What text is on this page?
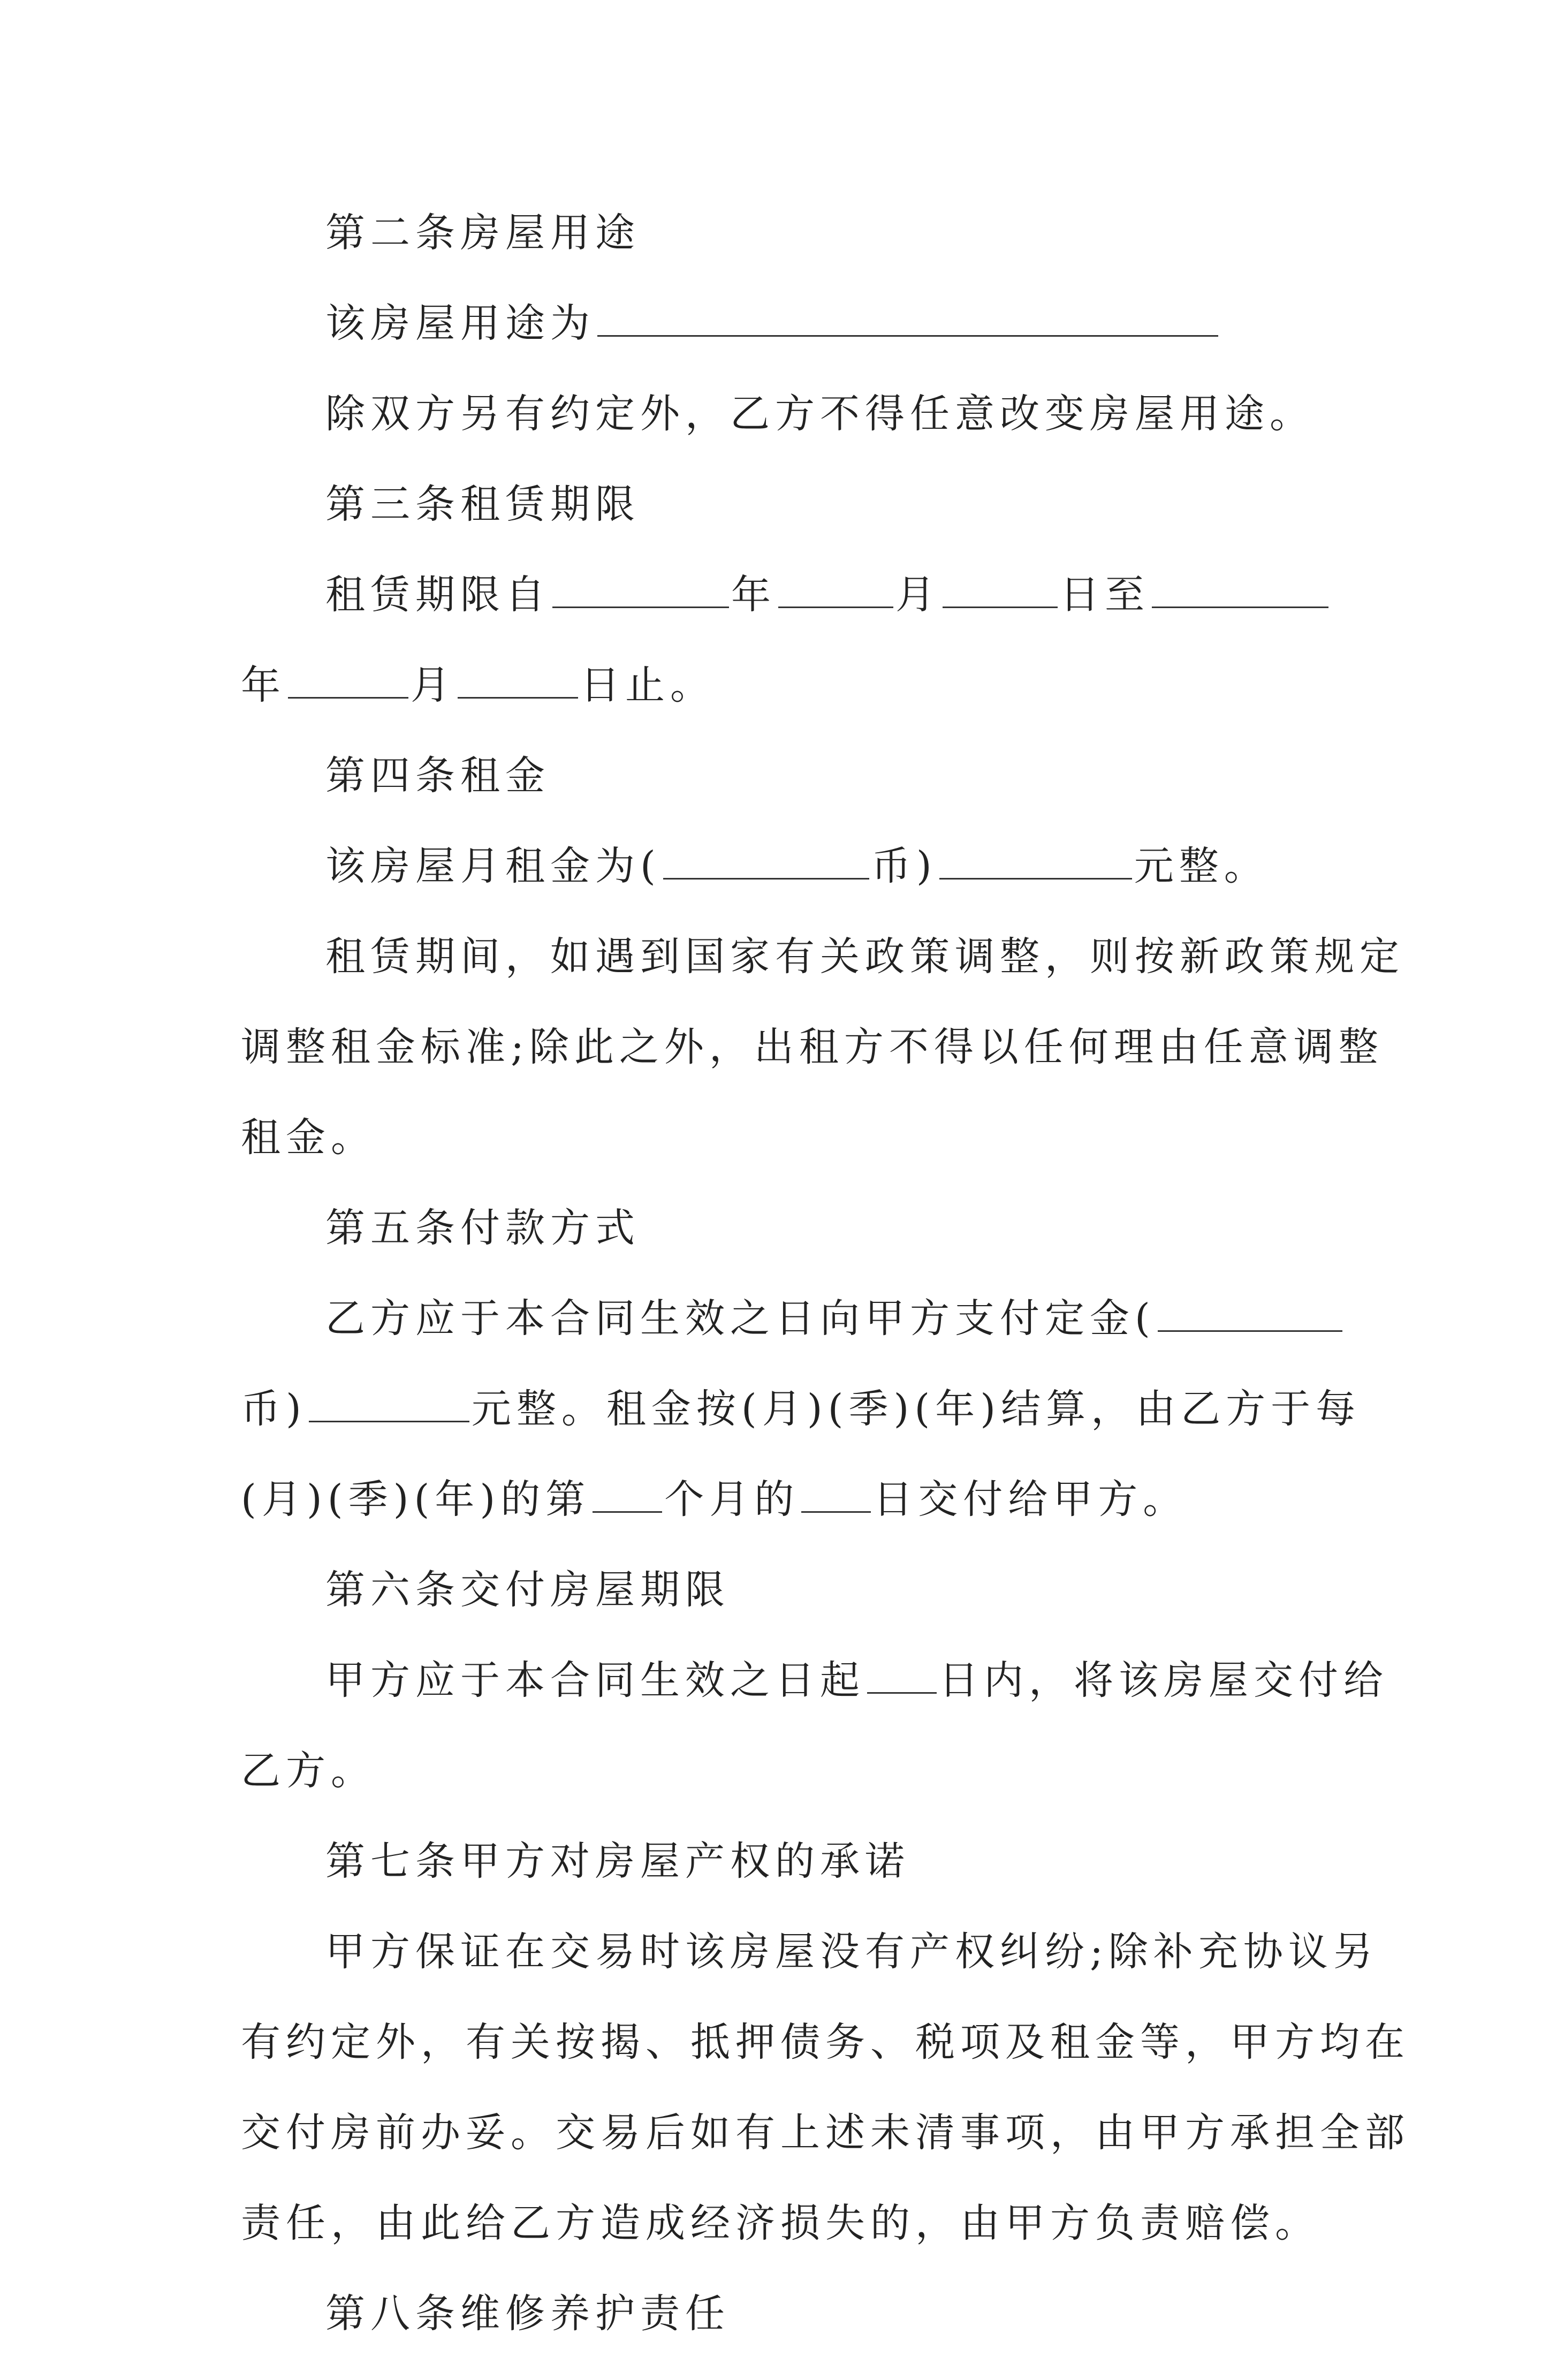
第二条房屋用途
该房屋用途为
除双方另有约定外，乙方不得任意改变房屋用途。
第三条租赁期限
租赁期限自	年	月	日至
年	月	日止。
第四条租金
该房屋月租金为(	币)	元整。
租赁期间，如遇到国家有关政策调整，则按新政策规定
调整租金标准;除此之外，出租方不得以任何理由任意调整
租金。
第五条付款方式
乙方应于本合同生效之日向甲方支付定金(
币)	元整。租金按(月)(季)(年)结算，由乙方于每
(月)(季)(年)的第 个月的 日交付给甲方。
第六条交付房屋期限
甲方应于本合同生效之日起 日内，将该房屋交付给
乙方。
第七条甲方对房屋产权的承诺
甲方保证在交易时该房屋没有产权纠纷;除补充协议另
有约定外，有关按揭、抵押债务、税项及租金等，甲方均在
交付房前办妥。交易后如有上述未清事项，由甲方承担全部
责任，由此给乙方造成经济损失的，由甲方负责赔偿。
第八条维修养护责任
